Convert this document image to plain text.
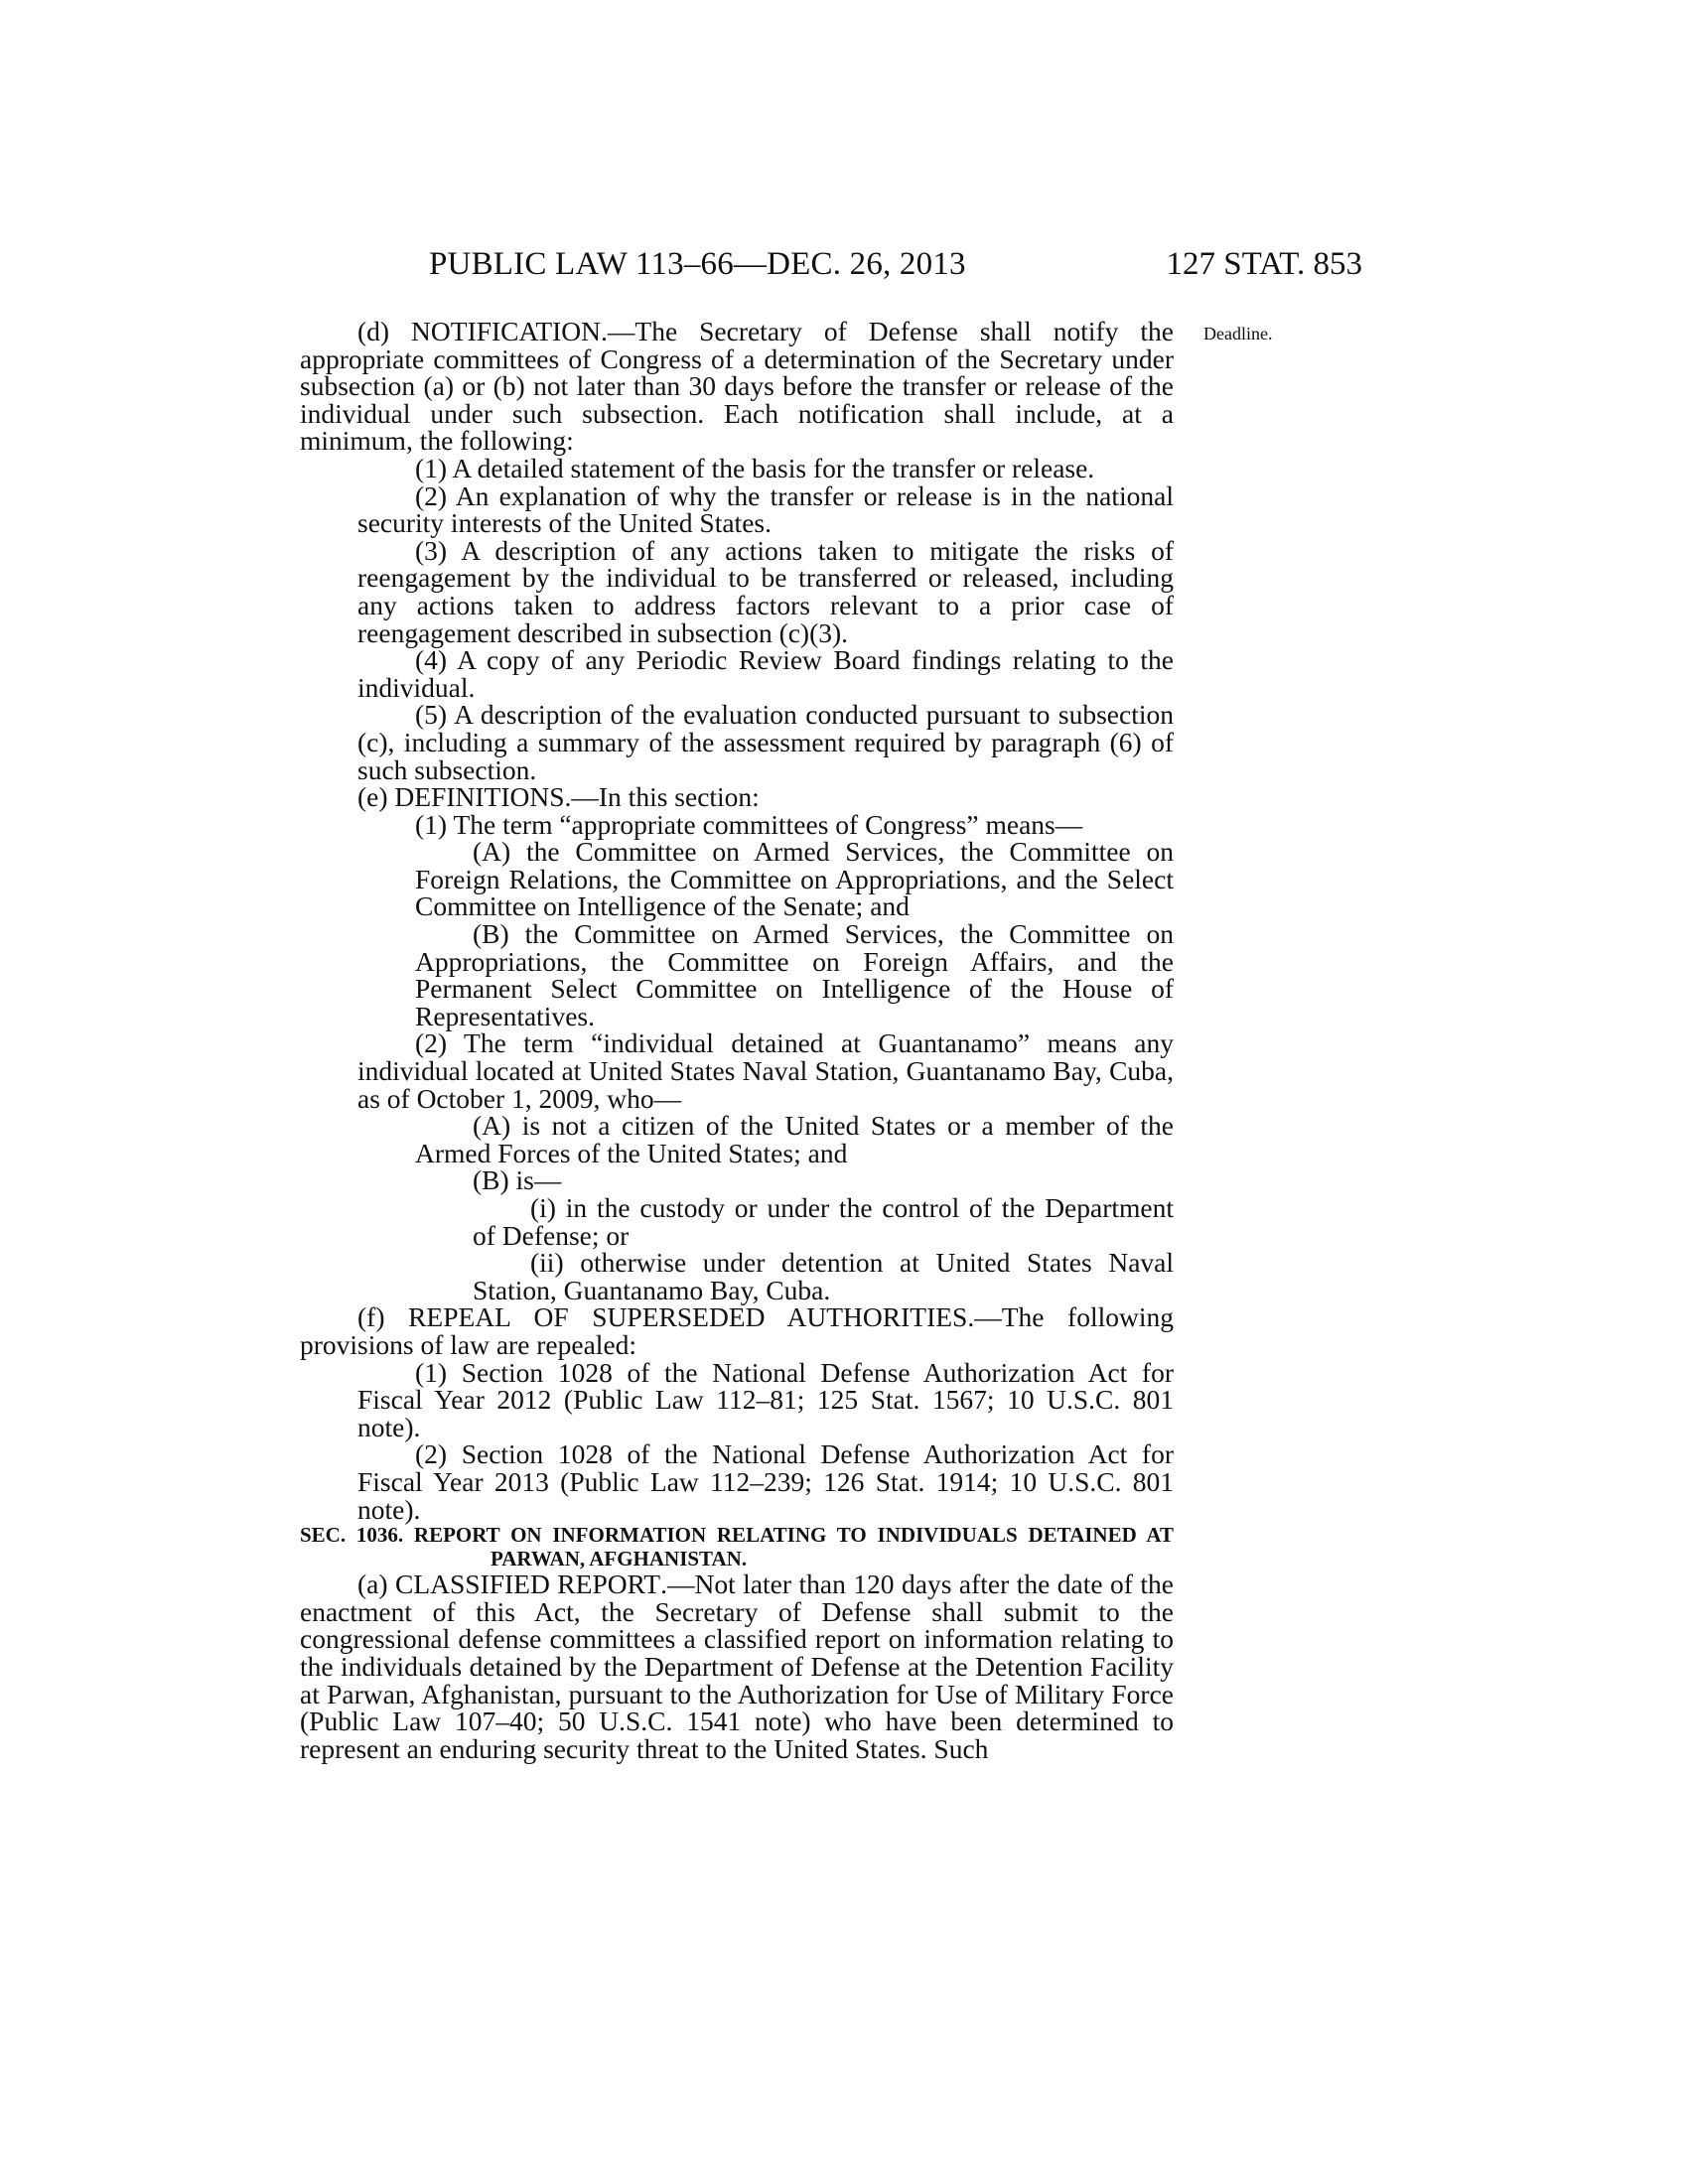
PUBLIC LAW 113–66—DEC. 26, 2013	127 STAT. 853
Deadline.

(d) NOTIFICATION.—The Secretary of Defense shall notify the appropriate committees of Congress of a determination of the Secretary under subsection (a) or (b) not later than 30 days before the transfer or release of the individual under such subsection. Each notification shall include, at a minimum, the following:

(1) A detailed statement of the basis for the transfer or release.

(2) An explanation of why the transfer or release is in the national security interests of the United States.

(3) A description of any actions taken to mitigate the risks of reengagement by the individual to be transferred or released, including any actions taken to address factors relevant to a prior case of reengagement described in subsection (c)(3).

(4) A copy of any Periodic Review Board findings relating to the individual.

(5) A description of the evaluation conducted pursuant to subsection (c), including a summary of the assessment required by paragraph (6) of such subsection.

(e) DEFINITIONS.—In this section:

(1) The term “appropriate committees of Congress” means—

(A) the Committee on Armed Services, the Committee on Foreign Relations, the Committee on Appropriations, and the Select Committee on Intelligence of the Senate; and

(B) the Committee on Armed Services, the Committee on Appropriations, the Committee on Foreign Affairs, and the Permanent Select Committee on Intelligence of the House of Representatives.

(2) The term “individual detained at Guantanamo” means any individual located at United States Naval Station, Guantanamo Bay, Cuba, as of October 1, 2009, who—

(A) is not a citizen of the United States or a member of the Armed Forces of the United States; and

(B) is—

(i) in the custody or under the control of the Department of Defense; or

(ii) otherwise under detention at United States Naval Station, Guantanamo Bay, Cuba.

(f) REPEAL OF SUPERSEDED AUTHORITIES.—The following provisions of law are repealed:

(1) Section 1028 of the National Defense Authorization Act for Fiscal Year 2012 (Public Law 112–81; 125 Stat. 1567; 10 U.S.C. 801 note).

(2) Section 1028 of the National Defense Authorization Act for Fiscal Year 2013 (Public Law 112–239; 126 Stat. 1914; 10 U.S.C. 801 note).

SEC. 1036. REPORT ON INFORMATION RELATING TO INDIVIDUALS DETAINED AT PARWAN, AFGHANISTAN.

(a) CLASSIFIED REPORT.—Not later than 120 days after the date of the enactment of this Act, the Secretary of Defense shall submit to the congressional defense committees a classified report on information relating to the individuals detained by the Department of Defense at the Detention Facility at Parwan, Afghanistan, pursuant to the Authorization for Use of Military Force (Public Law 107–40; 50 U.S.C. 1541 note) who have been determined to represent an enduring security threat to the United States. Such
